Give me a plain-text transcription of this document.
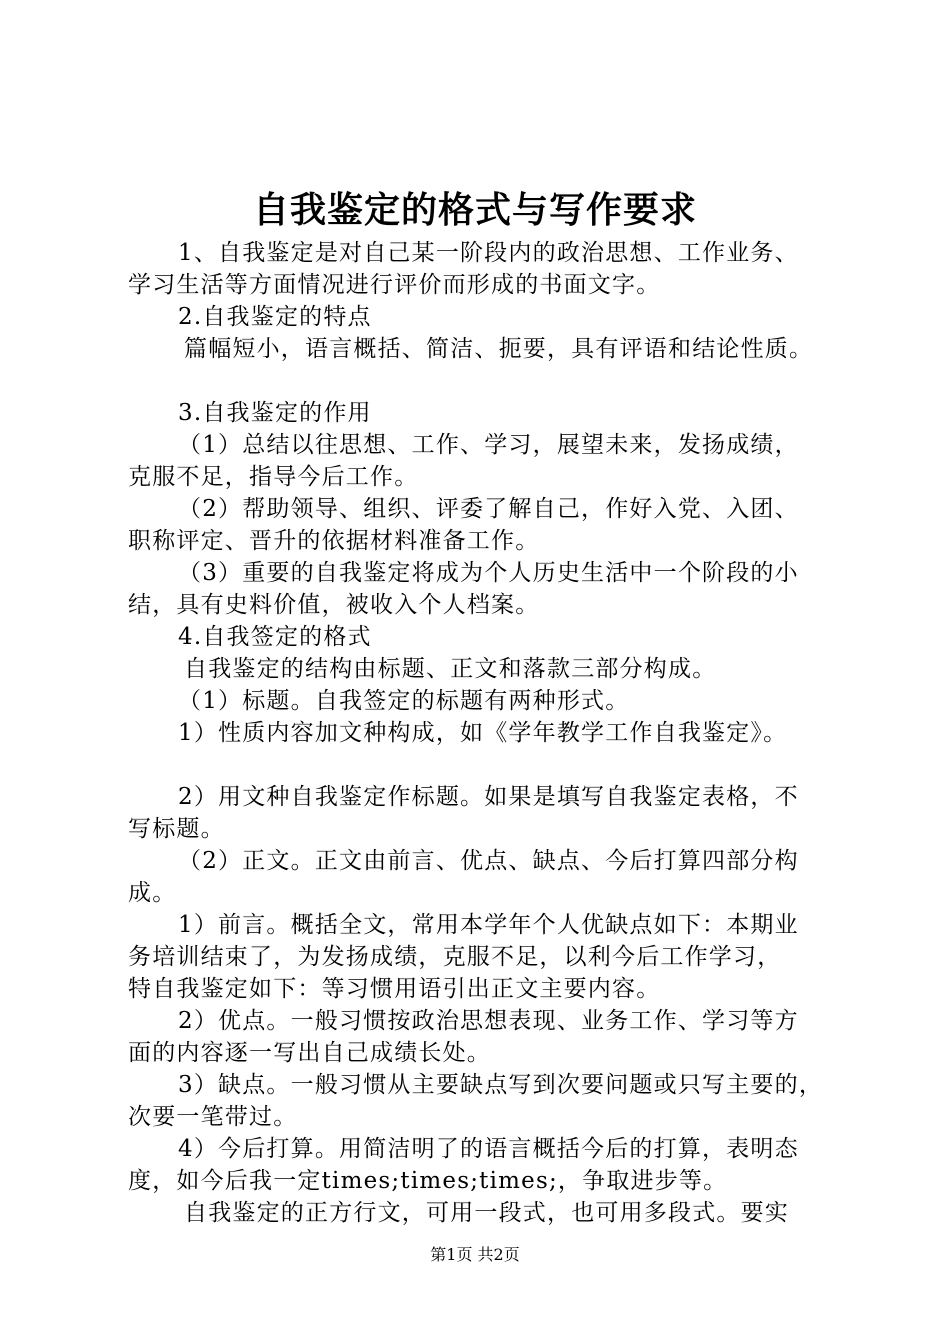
自我鉴定的格式与写作要求

1、自我鉴定是对自己某一阶段内的政治思想、工作业务、

学习生活等方面情况进行评价而形成的书面文字。

2.自我鉴定的特点

篇幅短小，语言概括、简洁、扼要，具有评语和结论性质。

3.自我鉴定的作用

（1）总结以往思想、工作、学习，展望未来，发扬成绩，

克服不足，指导今后工作。

（2）帮助领导、组织、评委了解自己，作好入党、入团、

职称评定、晋升的依据材料准备工作。

（3）重要的自我鉴定将成为个人历史生活中一个阶段的小

结，具有史料价值，被收入个人档案。

4.自我签定的格式

自我鉴定的结构由标题、正文和落款三部分构成。

（1）标题。自我签定的标题有两种形式。

1）性质内容加文种构成，如《学年教学工作自我鉴定》。

2）用文种自我鉴定作标题。如果是填写自我鉴定表格，不

写标题。

（2）正文。正文由前言、优点、缺点、今后打算四部分构

成。

1）前言。概括全文，常用本学年个人优缺点如下：本期业

务培训结束了，为发扬成绩，克服不足，以利今后工作学习，

特自我鉴定如下：等习惯用语引出正文主要内容。

2）优点。一般习惯按政治思想表现、业务工作、学习等方

面的内容逐一写出自己成绩长处。

3）缺点。一般习惯从主要缺点写到次要问题或只写主要的，

次要一笔带过。

4）今后打算。用简洁明了的语言概括今后的打算，表明态

度，如今后我一定times;times;times;，争取进步等。

自我鉴定的正方行文，可用一段式，也可用多段式。要实

第1页 共2页
